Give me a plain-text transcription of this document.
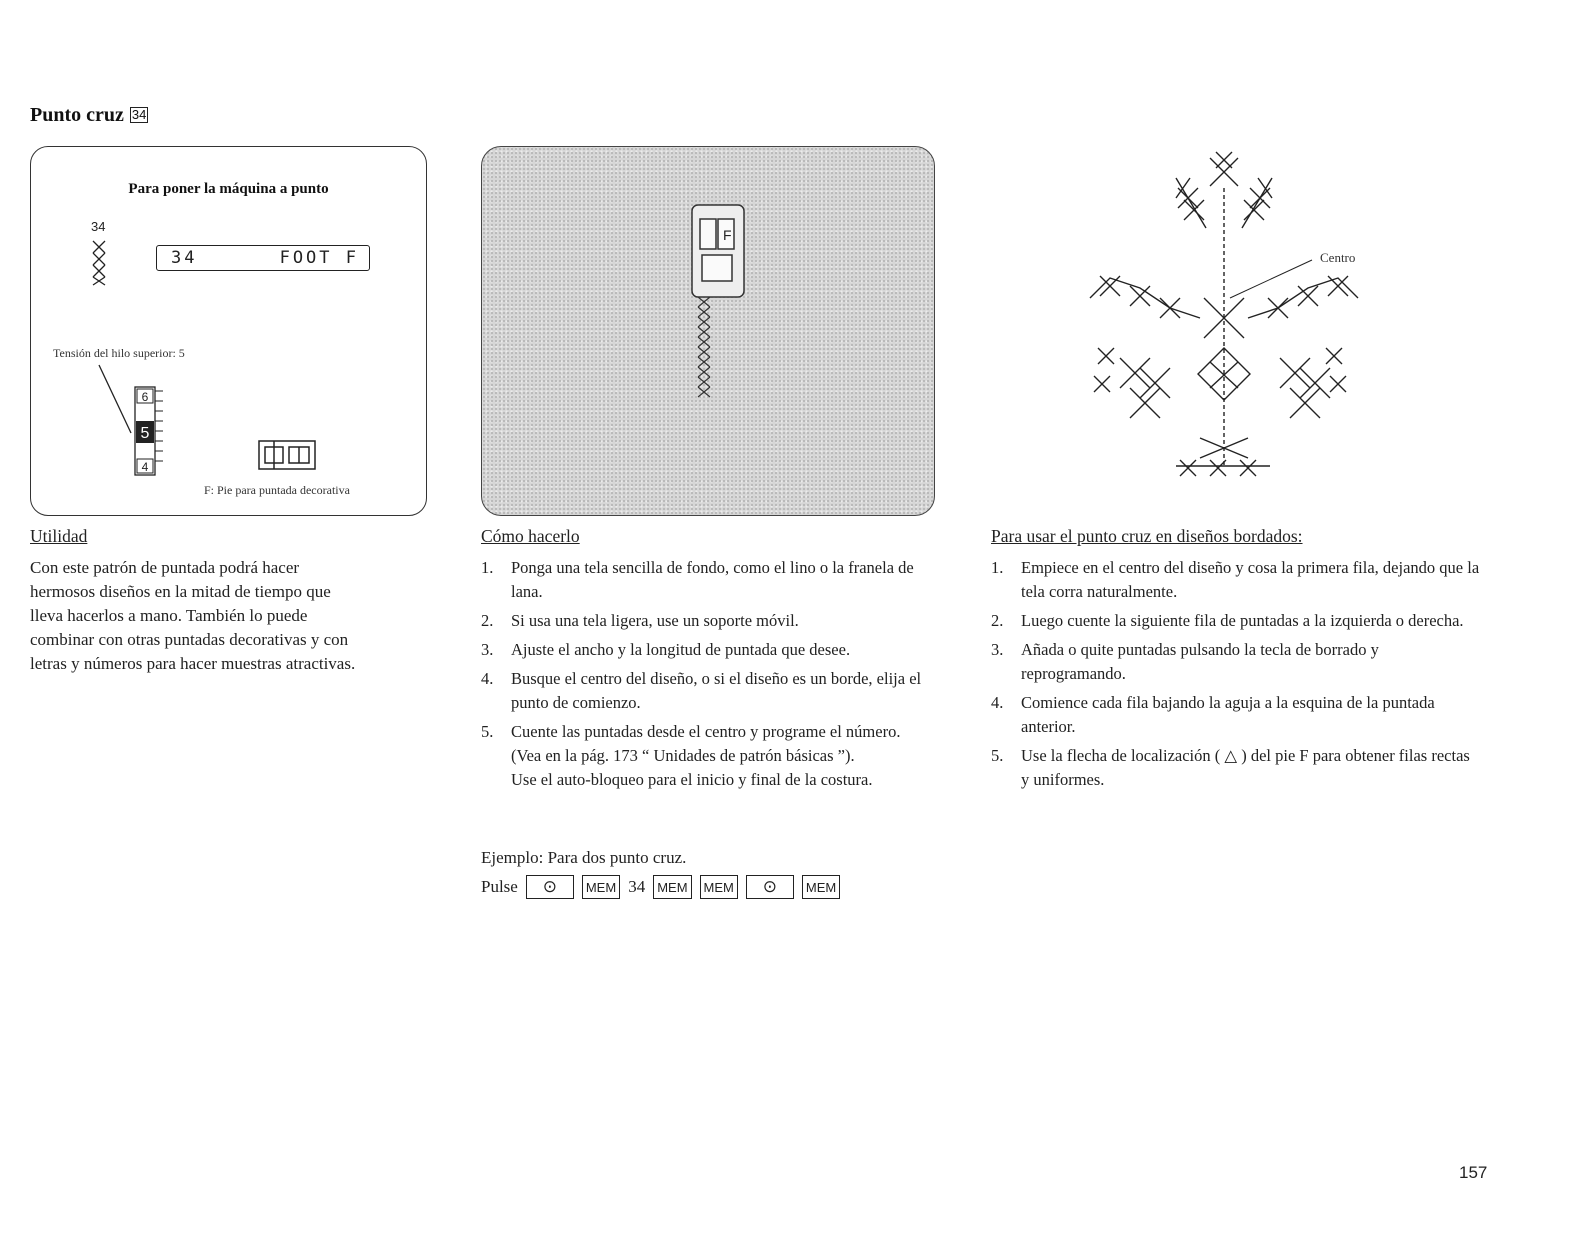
Punto cruz 34
Para poner la máquina a punto
34
34	FOOT F
Tensión del hilo superior: 5
6
5
4
F: Pie para puntada decorativa
F
Centro
Utilidad
Con este patrón de puntada podrá hacer
hermosos diseños en la mitad de tiempo que
lleva hacerlos a mano. También lo puede
combinar con otras puntadas decorativas y con
letras y números para hacer muestras atractivas.
Cómo hacerlo
1. Ponga una tela sencilla de fondo, como el lino o la franela de lana.
2. Si usa una tela ligera, use un soporte móvil.
3. Ajuste el ancho y la longitud de puntada que desee.
4. Busque el centro del diseño, o si el diseño es un borde, elija el punto de comienzo.
5. Cuente las puntadas desde el centro y programe el número.
(Vea en la pág. 173 “ Unidades de patrón básicas ”).
Use el auto-bloqueo para el inicio y final de la costura.
Ejemplo: Para dos punto cruz.
Pulse	⊙	MEM 34 MEM	MEM	⊙	MEM
Para usar el punto cruz en diseños bordados:
1. Empiece en el centro del diseño y cosa la primera fila, dejando que la tela corra naturalmente.
2. Luego cuente la siguiente fila de puntadas a la izquierda o derecha.
3. Añada o quite puntadas pulsando la tecla de borrado y reprogramando.
4. Comience cada fila bajando la aguja a la esquina de la puntada anterior.
5. Use la flecha de localización ( △ ) del pie F para obtener filas rectas y uniformes.
157
